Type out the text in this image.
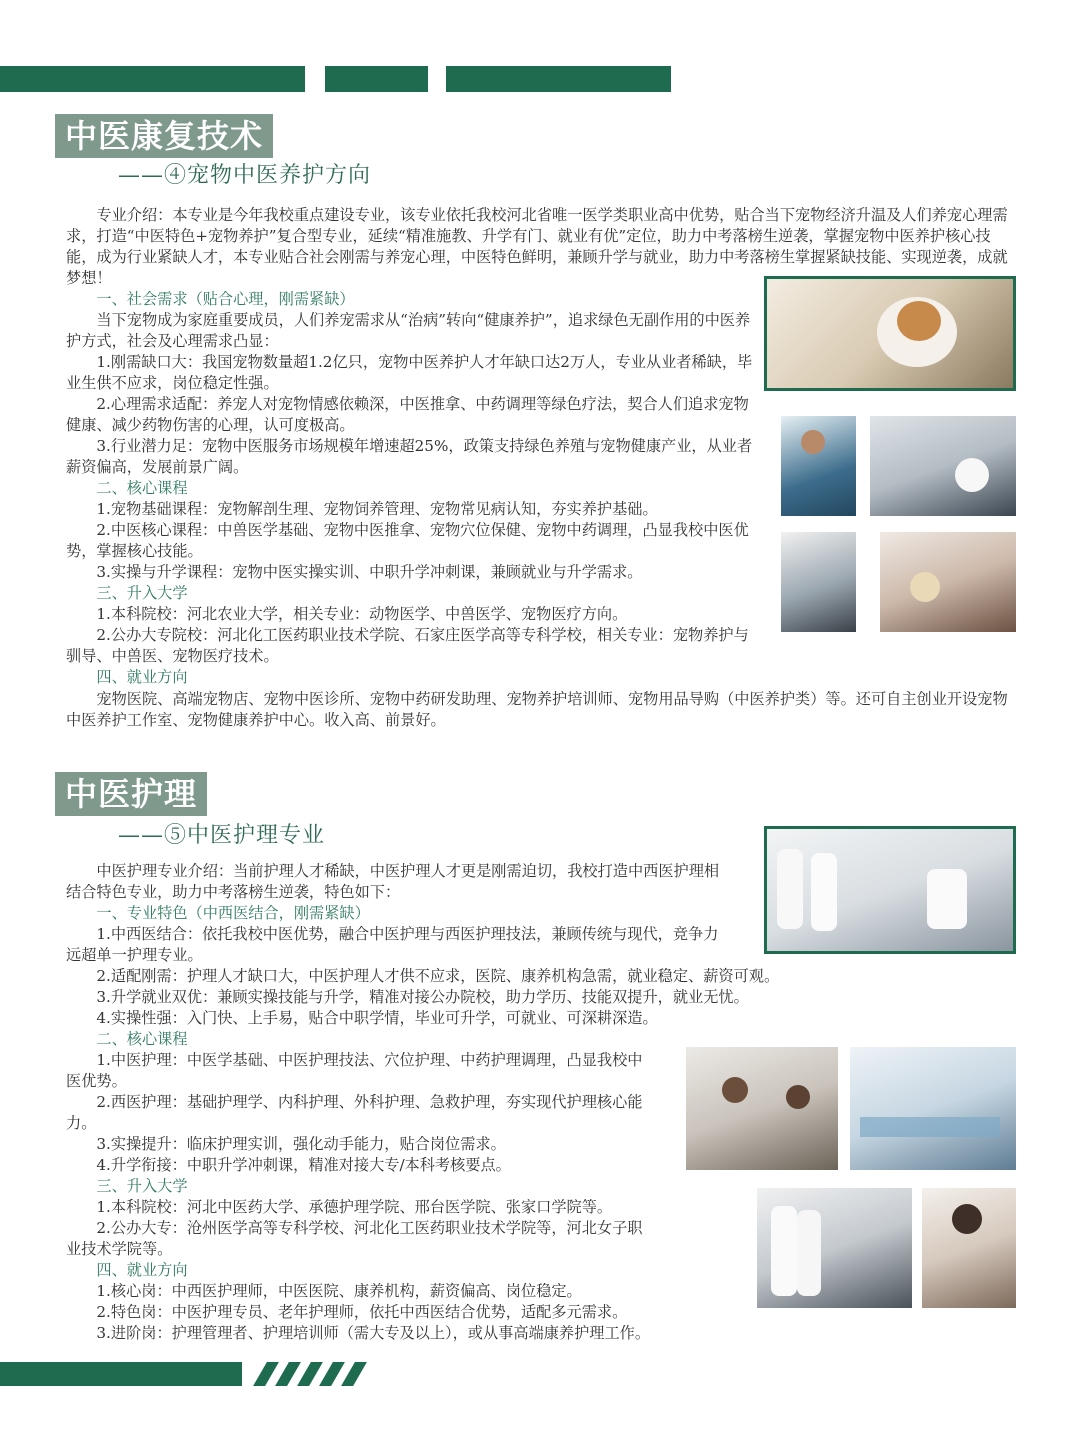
中医康复技术
——④宠物中医养护方向

专业介绍：本专业是今年我校重点建设专业，该专业依托我校河北省唯一医学类职业高中优势，贴合当下宠物经济升温及人们养宠心理需求，打造“中医特色+宠物养护”复合型专业，延续“精准施教、升学有门、就业有优”定位，助力中考落榜生逆袭，掌握宠物中医养护核心技能，成为行业紧缺人才，本专业贴合社会刚需与养宠心理，中医特色鲜明，兼顾升学与就业，助力中考落榜生掌握紧缺技能、实现逆袭，成就梦想！

一、社会需求（贴合心理，刚需紧缺）

当下宠物成为家庭重要成员，人们养宠需求从“治病”转向“健康养护”，追求绿色无副作用的中医养护方式，社会及心理需求凸显：

1.刚需缺口大：我国宠物数量超1.2亿只，宠物中医养护人才年缺口达2万人，专业从业者稀缺，毕业生供不应求，岗位稳定性强。

2.心理需求适配：养宠人对宠物情感依赖深，中医推拿、中药调理等绿色疗法，契合人们追求宠物健康、减少药物伤害的心理，认可度极高。

3.行业潜力足：宠物中医服务市场规模年增速超25%，政策支持绿色养殖与宠物健康产业，从业者薪资偏高，发展前景广阔。

二、核心课程

1.宠物基础课程：宠物解剖生理、宠物饲养管理、宠物常见病认知，夯实养护基础。

2.中医核心课程：中兽医学基础、宠物中医推拿、宠物穴位保健、宠物中药调理，凸显我校中医优势，掌握核心技能。

3.实操与升学课程：宠物中医实操实训、中职升学冲刺课，兼顾就业与升学需求。

三、升入大学

1.本科院校：河北农业大学，相关专业：动物医学、中兽医学、宠物医疗方向。

2.公办大专院校：河北化工医药职业技术学院、石家庄医学高等专科学校，相关专业：宠物养护与驯导、中兽医、宠物医疗技术。

四、就业方向

宠物医院、高端宠物店、宠物中医诊所、宠物中药研发助理、宠物养护培训师、宠物用品导购（中医养护类）等。还可自主创业开设宠物中医养护工作室、宠物健康养护中心。收入高、前景好。

中医护理
——⑤中医护理专业

中医护理专业介绍：当前护理人才稀缺，中医护理人才更是刚需迫切，我校打造中西医护理相结合特色专业，助力中考落榜生逆袭，特色如下：

一、专业特色（中西医结合，刚需紧缺）

1.中西医结合：依托我校中医优势，融合中医护理与西医护理技法，兼顾传统与现代，竞争力远超单一护理专业。

2.适配刚需：护理人才缺口大，中医护理人才供不应求，医院、康养机构急需，就业稳定、薪资可观。

3.升学就业双优：兼顾实操技能与升学，精准对接公办院校，助力学历、技能双提升，就业无忧。

4.实操性强：入门快、上手易，贴合中职学情，毕业可升学，可就业、可深耕深造。

二、核心课程

1.中医护理：中医学基础、中医护理技法、穴位护理、中药护理调理，凸显我校中医优势。

2.西医护理：基础护理学、内科护理、外科护理、急救护理，夯实现代护理核心能力。

3.实操提升：临床护理实训，强化动手能力，贴合岗位需求。

4.升学衔接：中职升学冲刺课，精准对接大专/本科考核要点。

三、升入大学

1.本科院校：河北中医药大学、承德护理学院、邢台医学院、张家口学院等。

2.公办大专：沧州医学高等专科学校、河北化工医药职业技术学院等，河北女子职业技术学院等。

四、就业方向

1.核心岗：中西医护理师，中医医院、康养机构，薪资偏高、岗位稳定。

2.特色岗：中医护理专员、老年护理师，依托中西医结合优势，适配多元需求。

3.进阶岗：护理管理者、护理培训师（需大专及以上），或从事高端康养护理工作。
